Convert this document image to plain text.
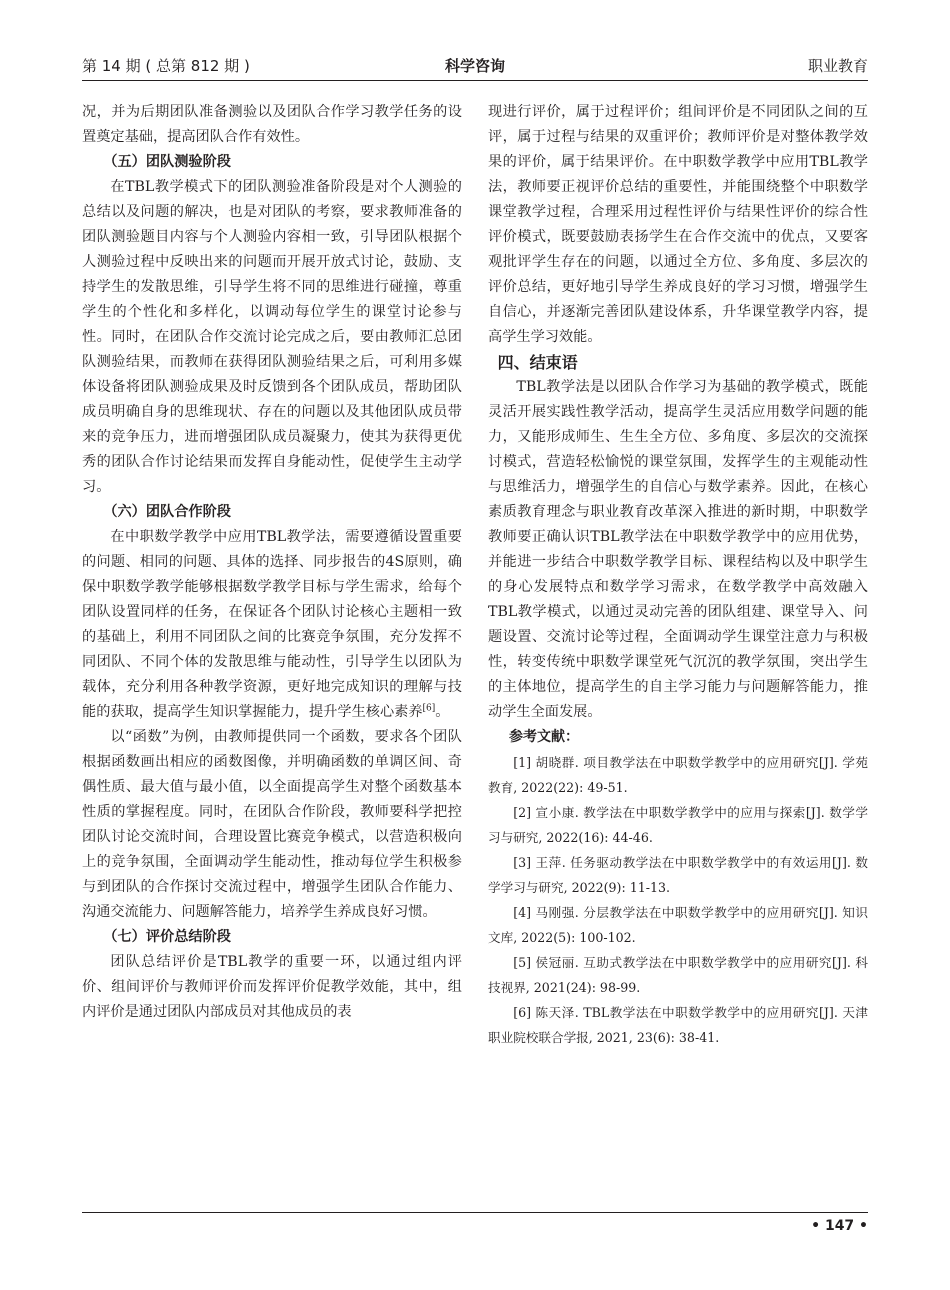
第 14 期 ( 总第 812 期 )	科学咨询	职业教育

况，并为后期团队准备测验以及团队合作学习教学任务的设置奠定基础，提高团队合作有效性。

（五）团队测验阶段

在TBL教学模式下的团队测验准备阶段是对个人测验的总结以及问题的解决，也是对团队的考察，要求教师准备的团队测验题目内容与个人测验内容相一致，引导团队根据个人测验过程中反映出来的问题而开展开放式讨论，鼓励、支持学生的发散思维，引导学生将不同的思维进行碰撞，尊重学生的个性化和多样化，以调动每位学生的课堂讨论参与性。同时，在团队合作交流讨论完成之后，要由教师汇总团队测验结果，而教师在获得团队测验结果之后，可利用多媒体设备将团队测验成果及时反馈到各个团队成员，帮助团队成员明确自身的思维现状、存在的问题以及其他团队成员带来的竞争压力，进而增强团队成员凝聚力，使其为获得更优秀的团队合作讨论结果而发挥自身能动性，促使学生主动学习。

（六）团队合作阶段

在中职数学教学中应用TBL教学法，需要遵循设置重要的问题、相同的问题、具体的选择、同步报告的4S原则，确保中职数学教学能够根据数学教学目标与学生需求，给每个团队设置同样的任务，在保证各个团队讨论核心主题相一致的基础上，利用不同团队之间的比赛竞争氛围，充分发挥不同团队、不同个体的发散思维与能动性，引导学生以团队为载体，充分利用各种教学资源，更好地完成知识的理解与技能的获取，提高学生知识掌握能力，提升学生核心素养[6]。

以“函数”为例，由教师提供同一个函数，要求各个团队根据函数画出相应的函数图像，并明确函数的单调区间、奇偶性质、最大值与最小值，以全面提高学生对整个函数基本性质的掌握程度。同时，在团队合作阶段，教师要科学把控团队讨论交流时间，合理设置比赛竞争模式，以营造积极向上的竞争氛围，全面调动学生能动性，推动每位学生积极参与到团队的合作探讨交流过程中，增强学生团队合作能力、沟通交流能力、问题解答能力，培养学生养成良好习惯。

（七）评价总结阶段

团队总结评价是TBL教学的重要一环，以通过组内评价、组间评价与教师评价而发挥评价促教学效能，其中，组内评价是通过团队内部成员对其他成员的表

现进行评价，属于过程评价；组间评价是不同团队之间的互评，属于过程与结果的双重评价；教师评价是对整体教学效果的评价，属于结果评价。在中职数学教学中应用TBL教学法，教师要正视评价总结的重要性，并能围绕整个中职数学课堂教学过程，合理采用过程性评价与结果性评价的综合性评价模式，既要鼓励表扬学生在合作交流中的优点，又要客观批评学生存在的问题，以通过全方位、多角度、多层次的评价总结，更好地引导学生养成良好的学习习惯，增强学生自信心，并逐渐完善团队建设体系，升华课堂教学内容，提高学生学习效能。

四、结束语

TBL教学法是以团队合作学习为基础的教学模式，既能灵活开展实践性教学活动，提高学生灵活应用数学问题的能力，又能形成师生、生生全方位、多角度、多层次的交流探讨模式，营造轻松愉悦的课堂氛围，发挥学生的主观能动性与思维活力，增强学生的自信心与数学素养。因此，在核心素质教育理念与职业教育改革深入推进的新时期，中职数学教师要正确认识TBL教学法在中职数学教学中的应用优势，并能进一步结合中职数学教学目标、课程结构以及中职学生的身心发展特点和数学学习需求，在数学教学中高效融入TBL教学模式，以通过灵动完善的团队组建、课堂导入、问题设置、交流讨论等过程，全面调动学生课堂注意力与积极性，转变传统中职数学课堂死气沉沉的教学氛围，突出学生的主体地位，提高学生的自主学习能力与问题解答能力，推动学生全面发展。

参考文献：

[1] 胡晓群. 项目教学法在中职数学教学中的应用研究[J]. 学苑教育, 2022(22): 49-51.

[2] 宣小康. 教学法在中职数学教学中的应用与探索[J]. 数学学习与研究, 2022(16): 44-46.

[3] 王萍. 任务驱动教学法在中职数学教学中的有效运用[J]. 数学学习与研究, 2022(9): 11-13.

[4] 马刚强. 分层教学法在中职数学教学中的应用研究[J]. 知识文库, 2022(5): 100-102.

[5] 侯冠丽. 互助式教学法在中职数学教学中的应用研究[J]. 科技视界, 2021(24): 98-99.

[6] 陈天泽. TBL教学法在中职数学教学中的应用研究[J]. 天津职业院校联合学报, 2021, 23(6): 38-41.

• 147 •
